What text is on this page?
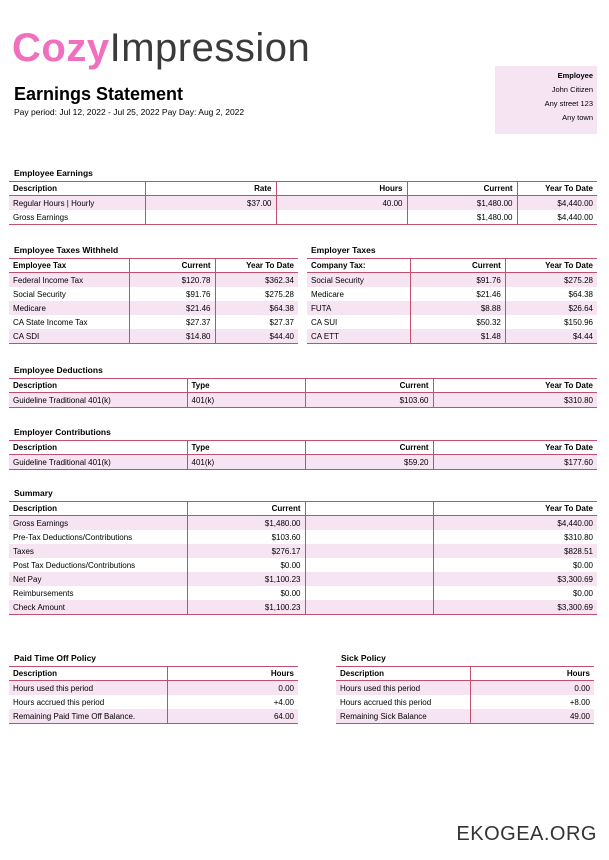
CozyImpression
Earnings Statement
Pay period: Jul 12, 2022 - Jul 25, 2022 Pay Day: Aug 2, 2022
Employee
John Citizen
Any street 123
Any town
Employee Earnings
Description	Rate	Hours	Current	Year To Date
Regular Hours | Hourly	$37.00	40.00	$1,480.00	$4,440.00
Gross Earnings			$1,480.00	$4,440.00
Employee Taxes Withheld
Employee Tax	Current	Year To Date
Federal Income Tax	$120.78	$362.34
Social Security	$91.76	$275.28
Medicare	$21.46	$64.38
CA State Income Tax	$27.37	$27.37
CA SDI	$14.80	$44.40
Employer Taxes
Company Tax:	Current	Year To Date
Social Security	$91.76	$275.28
Medicare	$21.46	$64.38
FUTA	$8.88	$26.64
CA SUI	$50.32	$150.96
CA ETT	$1.48	$4.44
Employee Deductions
Description	Type	Current	Year To Date
Guideline Traditional 401(k)	401(k)	$103.60	$310.80
Employer Contributions
Description	Type	Current	Year To Date
Guideline Traditional 401(k)	401(k)	$59.20	$177.60
Summary
Description	Current		Year To Date
Gross Earnings	$1,480.00		$4,440.00
Pre-Tax Deductions/Contributions	$103.60		$310.80
Taxes	$276.17		$828.51
Post Tax Deductions/Contributions	$0.00		$0.00
Net Pay	$1,100.23		$3,300.69
Reimbursements	$0.00		$0.00
Check Amount	$1,100.23		$3,300.69
Paid Time Off Policy
Description	Hours
Hours used this period	0.00
Hours accrued this period	+4.00
Remaining Paid Time Off Balance.	64.00
Sick Policy
Description	Hours
Hours used this period	0.00
Hours accrued this period	+8.00
Remaining Sick Balance	49.00
EKOGEA.ORG
